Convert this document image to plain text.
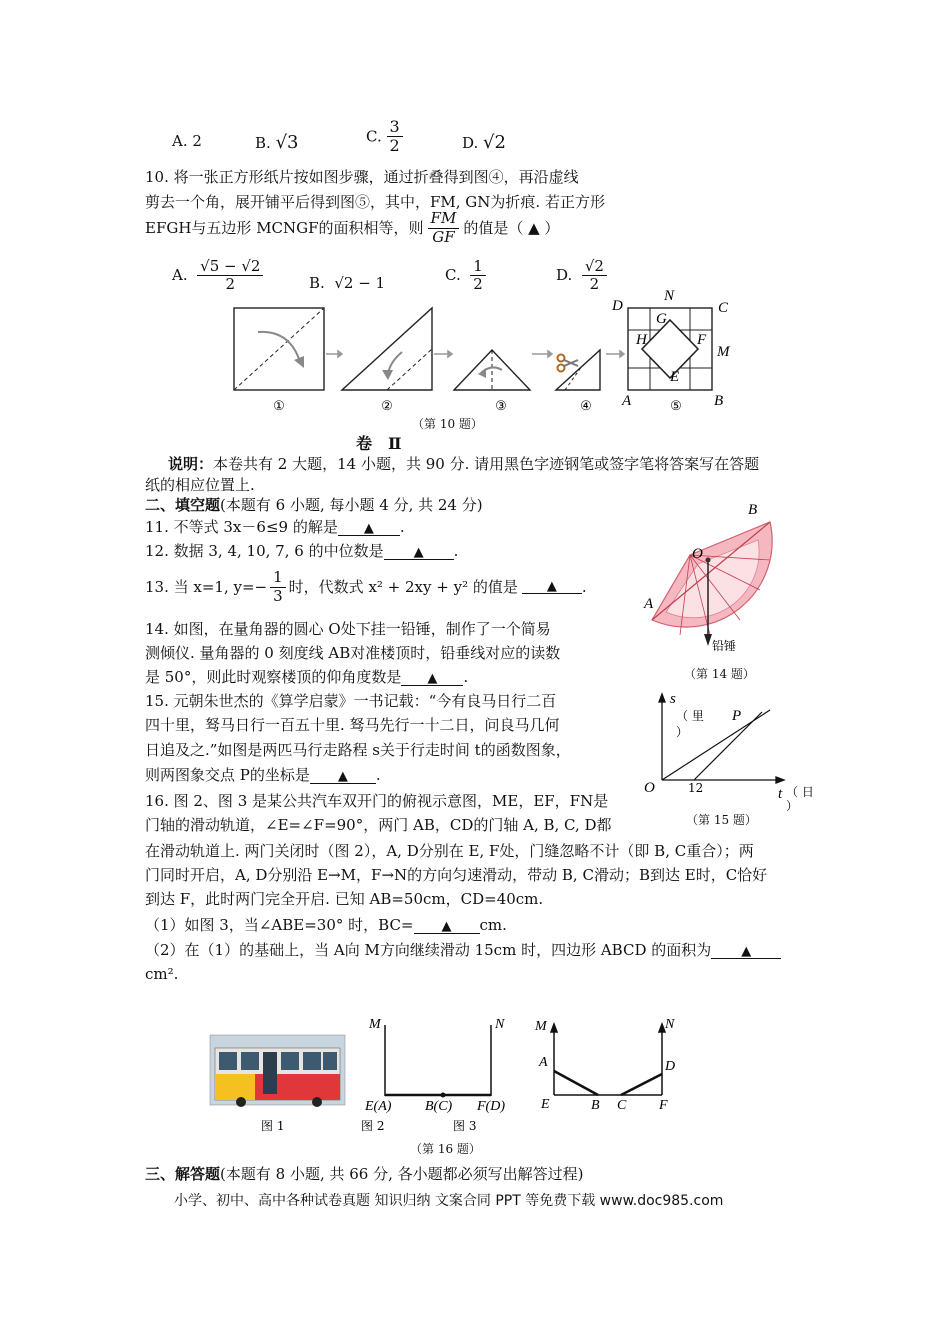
A. 2	B. √3	C. $\frac{3}{2}$	D. √2
10. 将一张正方形纸片按如图步骤，通过折叠得到图④，再沿虚线
剪去一个角，展开铺平后得到图⑤，其中，FM, GN为折痕. 若正方形
EFGH与五边形 MCNGF的面积相等，则 $\frac{FM}{GF}$ 的值是（ ▲ ）
A.
$\frac{√5 - √2}{2}$	B. √2 − 1	C.
$\frac{1}{2}$	D.
$\frac{√2}{2}$
①	②	③	④	⑤
D
N
C
G
H	F
M
E
A	B
（第 10 题）
卷　Ⅱ
说明：本卷共有 2 大题，14 小题，共 90 分. 请用黑色字迹钢笔或签字笔将答案写在答题
纸的相应位置上.
二、填空题(本题有 6 小题, 每小题 4 分, 共 24 分)
11. 不等式 3x－6≤9 的解是 ▲ .
12. 数据 3, 4, 10, 7, 6 的中位数是 ▲ .
13. 当 x=1, $y=- \frac{1}{3}$ 时，代数式 x² + 2xy + y² 的值是	▲	.
14. 如图，在量角器的圆心 O处下挂一铅锤，制作了一个简易
测倾仪. 量角器的 0 刻度线 AB对准楼顶时，铅垂线对应的读数
是 50°，则此时观察楼顶的仰角度数是 ▲ .
B
O
A
铅锤
（第 14 题）
15. 元朝朱世杰的《算学启蒙》一书记载：“今有良马日行二百
四十里，驽马日行一百五十里. 驽马先行一十二日，问良马几何
日追及之.”如图是两匹马行走路程 s关于行走时间 t的函数图象，
则两图象交点 P的坐标是 ▲ .
s
（ 里
）
P
O	12	t （ 日
）
（第 15 题）
16. 图 2、图 3 是某公共汽车双开门的俯视示意图，ME，EF，FN是
门轴的滑动轨道，∠E=∠F=90°，两门 AB，CD的门轴 A, B, C, D都
在滑动轨道上. 两门关闭时（图 2），A, D分别在 E, F处，门缝忽略不计（即 B, C重合）；两
门同时开启，A, D分别沿 E→M，F→N的方向匀速滑动，带动 B, C滑动；B到达 E时，C恰好
到达 F，此时两门完全开启. 已知 AB=50cm，CD=40cm.
（1）如图 3，当∠ABE=30° 时，BC= ▲ cm.
（2）在（1）的基础上，当 A向 M方向继续滑动 15cm 时，四边形 ABCD 的面积为 ▲
cm².
M	N
E(A) B(C) F(D)
M	N
A	D
E	B C F
图 1	图 2	图 3
（第 16 题）
三、解答题(本题有 8 小题, 共 66 分, 各小题都必须写出解答过程)
小学、初中、高中各种试卷真题 知识归纳 文案合同 PPT 等免费下载 www.doc985.com
